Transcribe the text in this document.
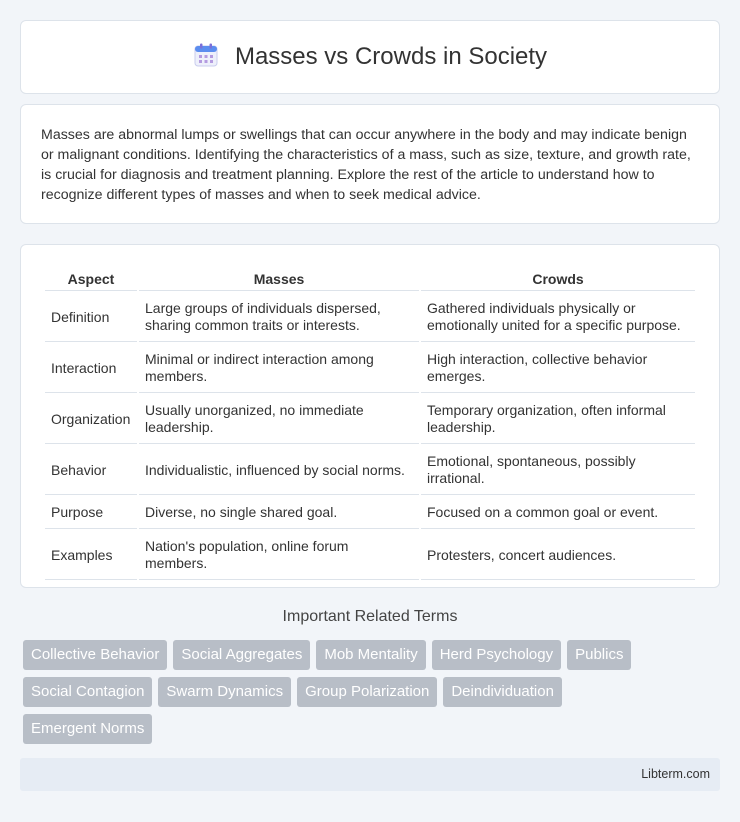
Masses vs Crowds in Society

Masses are abnormal lumps or swellings that can occur anywhere in the body and may indicate benign or malignant conditions. Identifying the characteristics of a mass, such as size, texture, and growth rate, is crucial for diagnosis and treatment planning. Explore the rest of the article to understand how to recognize different types of masses and when to seek medical advice.

Aspect	Masses	Crowds
Definition	Large groups of individuals dispersed, sharing common traits or interests.	Gathered individuals physically or emotionally united for a specific purpose.
Interaction	Minimal or indirect interaction among members.	High interaction, collective behavior emerges.
Organization	Usually unorganized, no immediate leadership.	Temporary organization, often informal leadership.
Behavior	Individualistic, influenced by social norms.	Emotional, spontaneous, possibly irrational.
Purpose	Diverse, no single shared goal.	Focused on a common goal or event.
Examples	Nation's population, online forum members.	Protesters, concert audiences.
Important Related Terms
Collective Behavior	Social Aggregates	Mob Mentality	Herd Psychology	Publics
Social Contagion	Swarm Dynamics	Group Polarization	Deindividuation
Emergent Norms
Libterm.com
